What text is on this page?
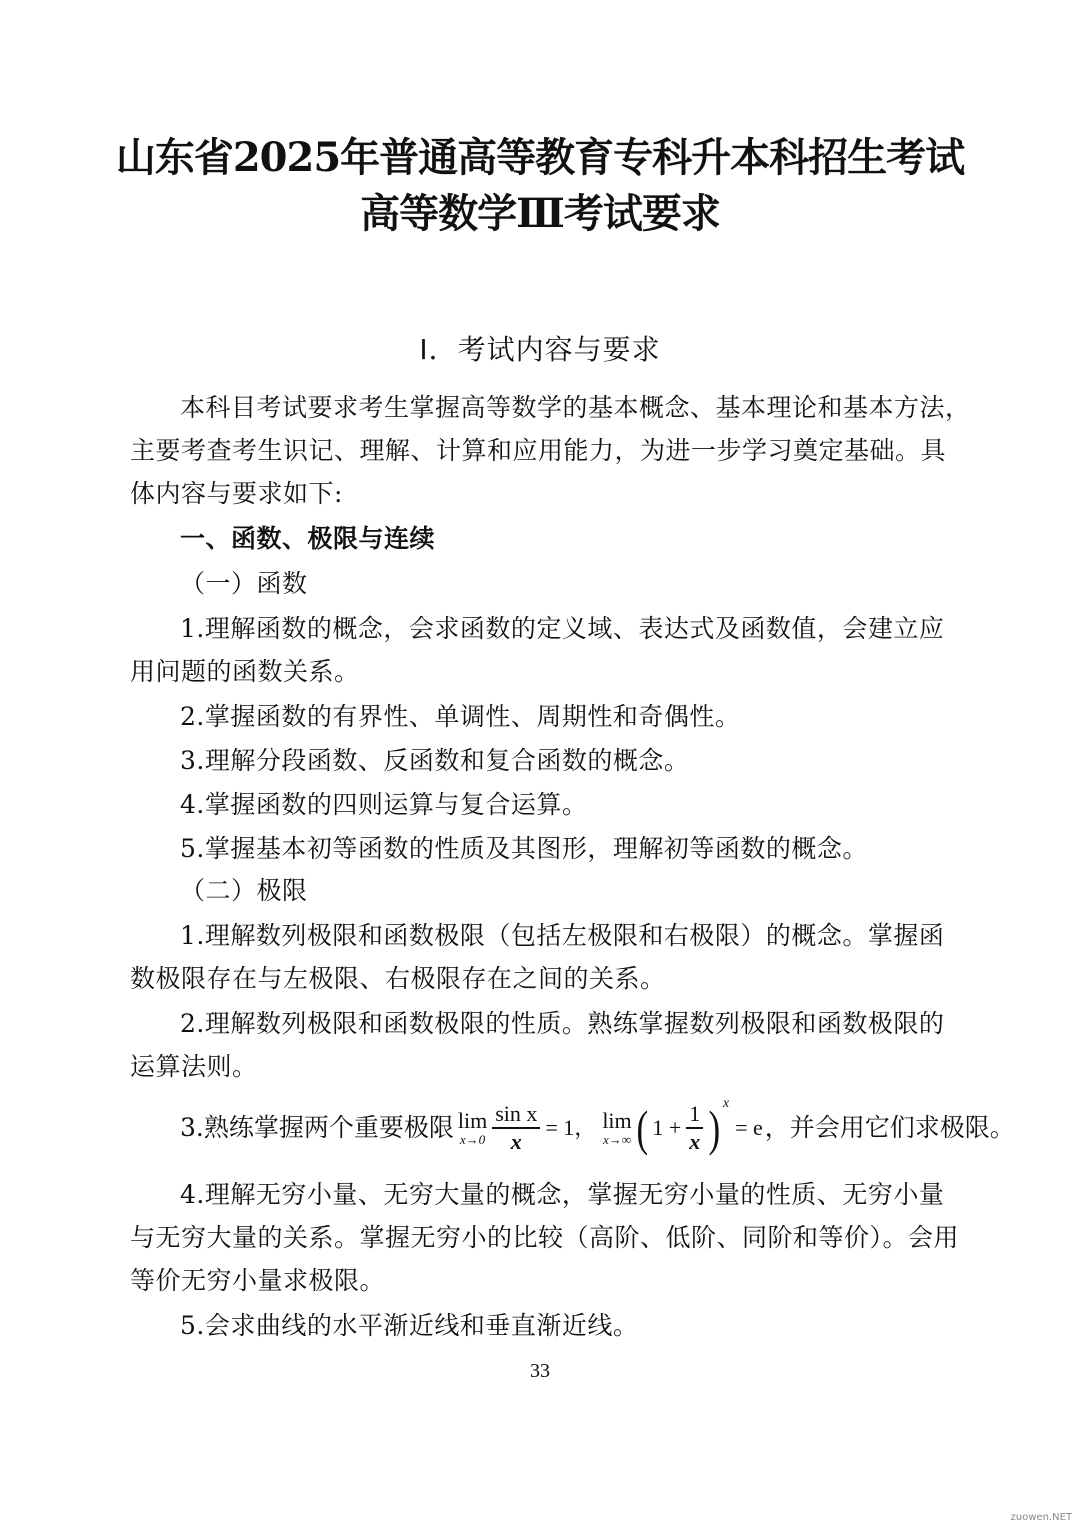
山东省2025年普通高等教育专科升本科招生考试
高等数学Ⅲ考试要求
I．考试内容与要求
本科目考试要求考生掌握高等数学的基本概念、基本理论和基本方法，
主要考查考生识记、理解、计算和应用能力，为进一步学习奠定基础。具
体内容与要求如下:
一、函数、极限与连续
（一）函数
1.理解函数的概念，会求函数的定义域、表达式及函数值，会建立应
用问题的函数关系。
2.掌握函数的有界性、单调性、周期性和奇偶性。
3.理解分段函数、反函数和复合函数的概念。
4.掌握函数的四则运算与复合运算。
5.掌握基本初等函数的性质及其图形，理解初等函数的概念。
（二）极限
1.理解数列极限和函数极限（包括左极限和右极限）的概念。掌握函
数极限存在与左极限、右极限存在之间的关系。
2.理解数列极限和函数极限的性质。熟练掌握数列极限和函数极限的
运算法则。
3.熟练掌握两个重要极限 lim
$x\to 0 \frac{\text{sin x}}{x} = 1$， lim
x→∞ ( $1 + \frac{1}{x}$ ) x
= e ，并会用它们求极限。
4.理解无穷小量、无穷大量的概念，掌握无穷小量的性质、无穷小量
与无穷大量的关系。掌握无穷小的比较（高阶、低阶、同阶和等价）。会用
等价无穷小量求极限。
5.会求曲线的水平渐近线和垂直渐近线。
33
zuowen.NET
